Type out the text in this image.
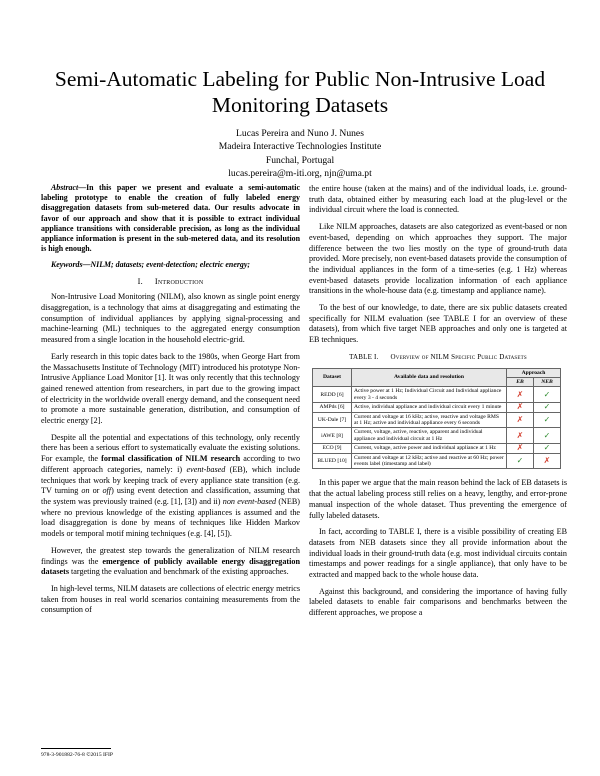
Semi-Automatic Labeling for Public Non-Intrusive Load Monitoring Datasets
Lucas Pereira and Nuno J. Nunes
Madeira Interactive Technologies Institute
Funchal, Portugal
lucas.pereira@m-iti.org, njn@uma.pt

Abstract—In this paper we present and evaluate a semi-automatic labeling prototype to enable the creation of fully labeled energy disaggregation datasets from sub-metered data. Our results advocate in favor of our approach and show that it is possible to extract individual appliance transitions with considerable precision, as long as the individual appliance information is present in the sub-metered data, and its resolution is high enough.

Keywords—NILM; datasets; event-detection; electric energy;

I. Introduction

Non-Intrusive Load Monitoring (NILM), also known as single point energy disaggregation, is a technology that aims at disaggregating and estimating the consumption of individual appliances by applying signal-processing and machine-learning (ML) techniques to the aggregated energy consumption measured from a single location in the household electric-grid.

Early research in this topic dates back to the 1980s, when George Hart from the Massachusetts Institute of Technology (MIT) introduced his prototype Non-Intrusive Appliance Load Monitor [1]. It was only recently that this technology gained renewed attention from researchers, in part due to the growing impact of electricity in the worldwide overall energy demand, and the consequent need to promote a more sustainable generation, distribution, and consumption of electric energy [2].

Despite all the potential and expectations of this technology, only recently there has been a serious effort to systematically evaluate the existing solutions. For example, the formal classification of NILM research according to two different approach categories, namely: i) event-based (EB), which include techniques that work by keeping track of every appliance state transition (e.g. TV turning on or off) using event detection and classification, assuming that the system was previously trained (e.g. [1], [3]) and ii) non event-based (NEB) where no previous knowledge of the existing appliances is assumed and the load disaggregation is done by means of techniques like Hidden Markov models or temporal motif mining techniques (e.g. [4], [5]).

However, the greatest step towards the generalization of NILM research findings was the emergence of publicly available energy disaggregation datasets targeting the evaluation and benchmark of the existing approaches.

In high-level terms, NILM datasets are collections of electric energy metrics taken from houses in real world scenarios containing measurements from the consumption of

the entire house (taken at the mains) and of the individual loads, i.e. ground-truth data, obtained either by measuring each load at the plug-level or the individual circuit where the load is connected.

Like NILM approaches, datasets are also categorized as event-based or non event-based, depending on which approaches they support. The major difference between the two lies mostly on the type of ground-truth data provided. More precisely, non event-based datasets provide the consumption of the individual appliances in the form of a time-series (e.g. 1 Hz) whereas event-based datasets provide localization information of each appliance transitions in the whole-house data (e.g. timestamp and appliance name).

To the best of our knowledge, to date, there are six public datasets created specifically for NILM evaluation (see TABLE I for an overview of these datasets), from which five target NEB approaches and only one is targeted at EB techniques.

TABLE I. Overview of NILM Specific Public Datasets
Dataset	Available data and resolution	Approach	
		EB	NEB
REDD [6]	Active power at 1 Hz; Individual Circuit and Individual appliance every 3 - 4 seconds	✗	✓
AMPds [6]	Active, individual appliance and individual circuit every 1 minute	✗	✓
UK-Dale [7]	Current and voltage at 16 kHz; active, reactive and voltage RMS at 1 Hz; active and individual appliance every 6 seconds	✗	✓
iAWE [8]	Current, voltage, active, reactive, apparent and individual appliance and individual circuit at 1 Hz	✗	✓
ECO [9]	Current, voltage, active power and individual appliance at 1 Hz	✗	✓
BLUED [10]	Current and voltage at 12 kHz; active and reactive at 60 Hz; power events label (timestamp and label)	✓	✗

In this paper we argue that the main reason behind the lack of EB datasets is that the actual labeling process still relies on a heavy, lengthy, and error-prone manual inspection of the whole dataset. Thus preventing the emergence of fully labeled datasets.

In fact, according to TABLE I, there is a visible possibility of creating EB datasets from NEB datasets since they all provide information about the individual loads in their ground-truth data (e.g. most individual circuits contain timestamps and power readings for a single appliance), that only have to be extracted and mapped back to the whole house data.

Against this background, and considering the importance of having fully labeled datasets to enable fair comparisons and benchmarks between the different approaches, we propose a

978-3-901882-76-8 ©2015 IFIP
